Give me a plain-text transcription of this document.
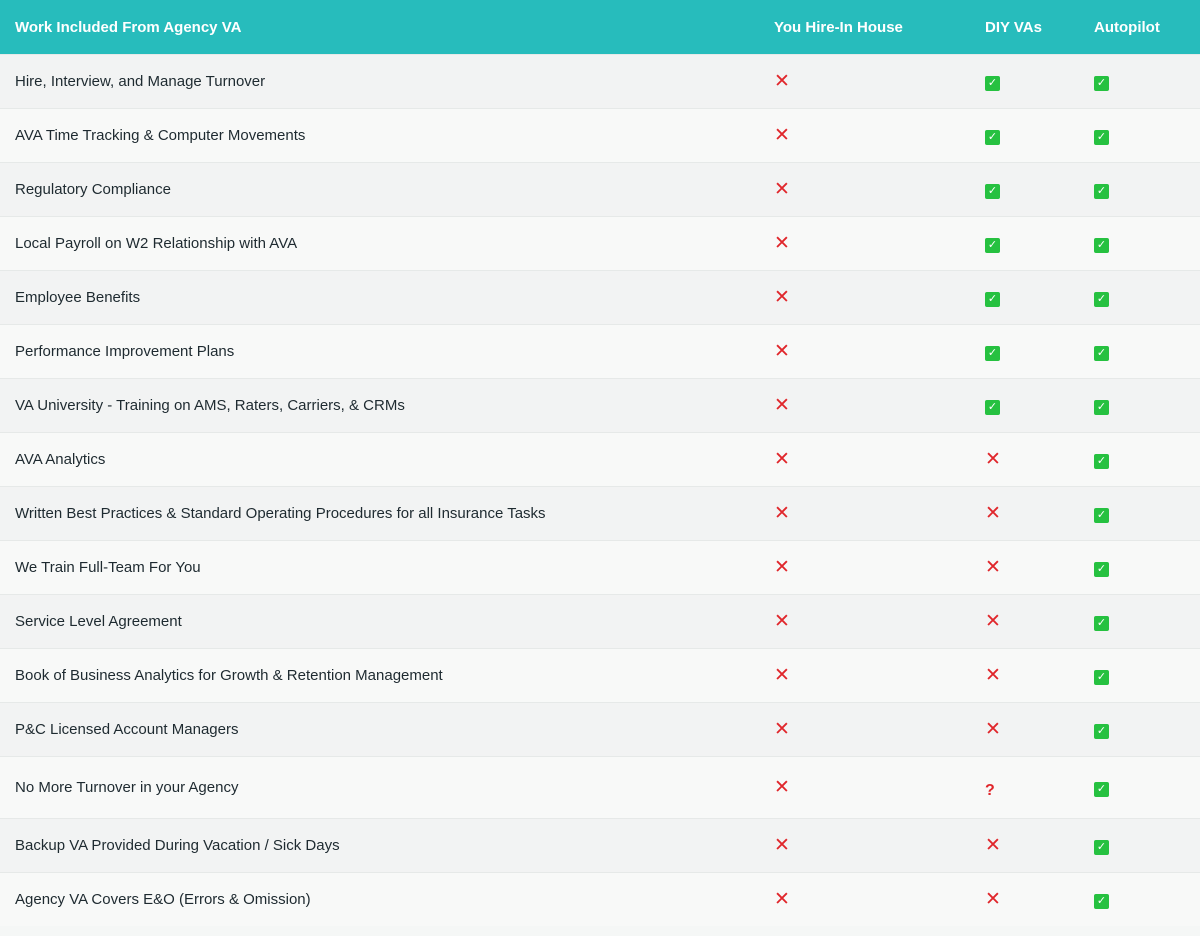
Work Included From Agency VA	You Hire-In House	DIY VAs	Autopilot
Hire, Interview, and Manage Turnover	✕	✓	✓
AVA Time Tracking & Computer Movements	✕	✓	✓
Regulatory Compliance	✕	✓	✓
Local Payroll on W2 Relationship with AVA	✕	✓	✓
Employee Benefits	✕	✓	✓
Performance Improvement Plans	✕	✓	✓
VA University - Training on AMS, Raters, Carriers, & CRMs	✕	✓	✓
AVA Analytics	✕	✕	✓
Written Best Practices & Standard Operating Procedures for all Insurance Tasks	✕	✕	✓
We Train Full-Team For You	✕	✕	✓
Service Level Agreement	✕	✕	✓
Book of Business Analytics for Growth & Retention Management	✕	✕	✓
P&C Licensed Account Managers	✕	✕	✓
No More Turnover in your Agency	✕	?	✓
Backup VA Provided During Vacation / Sick Days	✕	✕	✓
Agency VA Covers E&O (Errors & Omission)	✕	✕	✓
